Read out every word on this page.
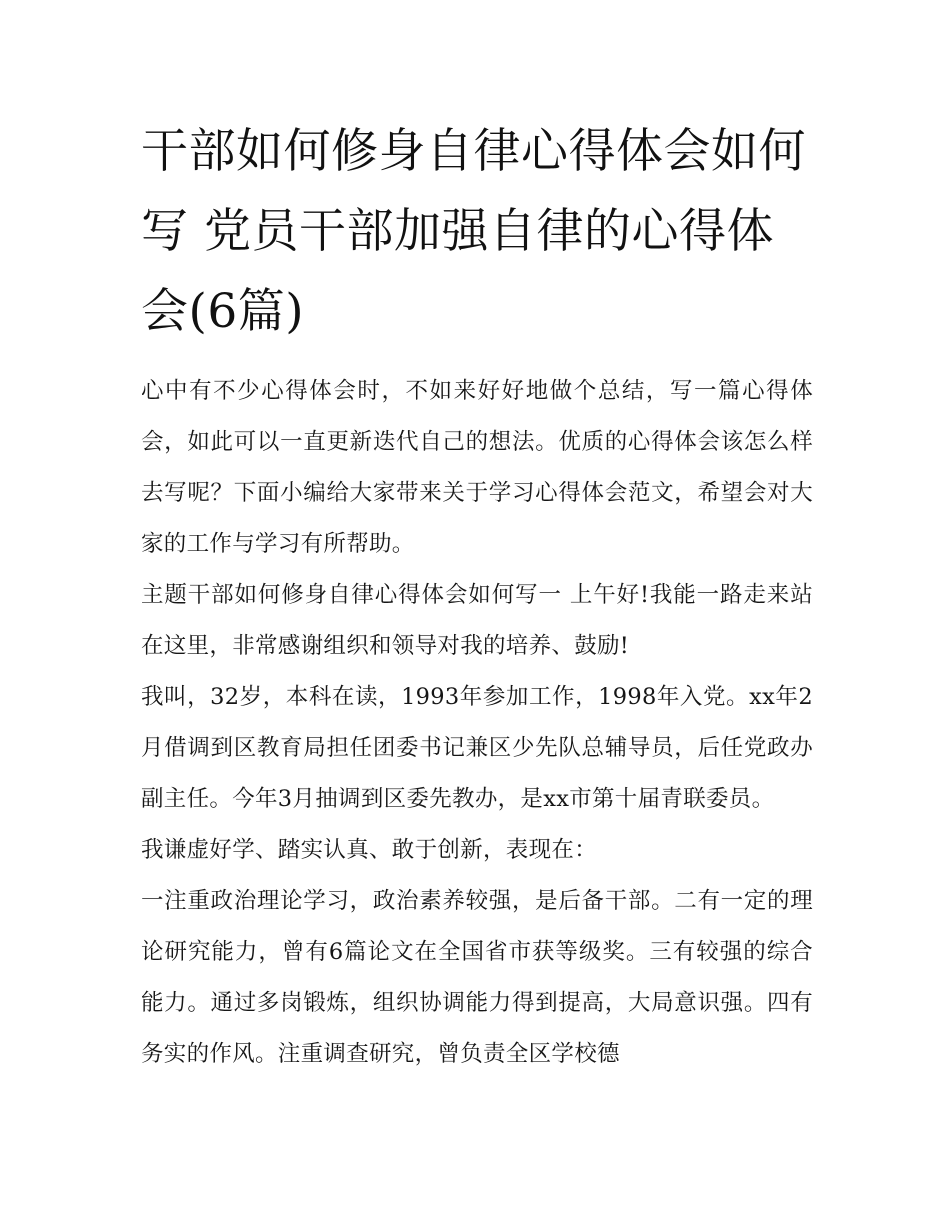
干部如何修身自律心得体会如何写 党员干部加强自律的心得体会(6篇)

心中有不少心得体会时，不如来好好地做个总结，写一篇心得体会，如此可以一直更新迭代自己的想法。优质的心得体会该怎么样去写呢？下面小编给大家带来关于学习心得体会范文，希望会对大家的工作与学习有所帮助。

主题干部如何修身自律心得体会如何写一 上午好!我能一路走来站在这里，非常感谢组织和领导对我的培养、鼓励!

我叫，32岁，本科在读，1993年参加工作，1998年入党。xx年2月借调到区教育局担任团委书记兼区少先队总辅导员，后任党政办副主任。今年3月抽调到区委先教办，是xx市第十届青联委员。

我谦虚好学、踏实认真、敢于创新，表现在：

一注重政治理论学习，政治素养较强，是后备干部。二有一定的理论研究能力，曾有6篇论文在全国省市获等级奖。三有较强的综合能力。通过多岗锻炼，组织协调能力得到提高，大局意识强。四有务实的作风。注重调查研究，曾负责全区学校德
